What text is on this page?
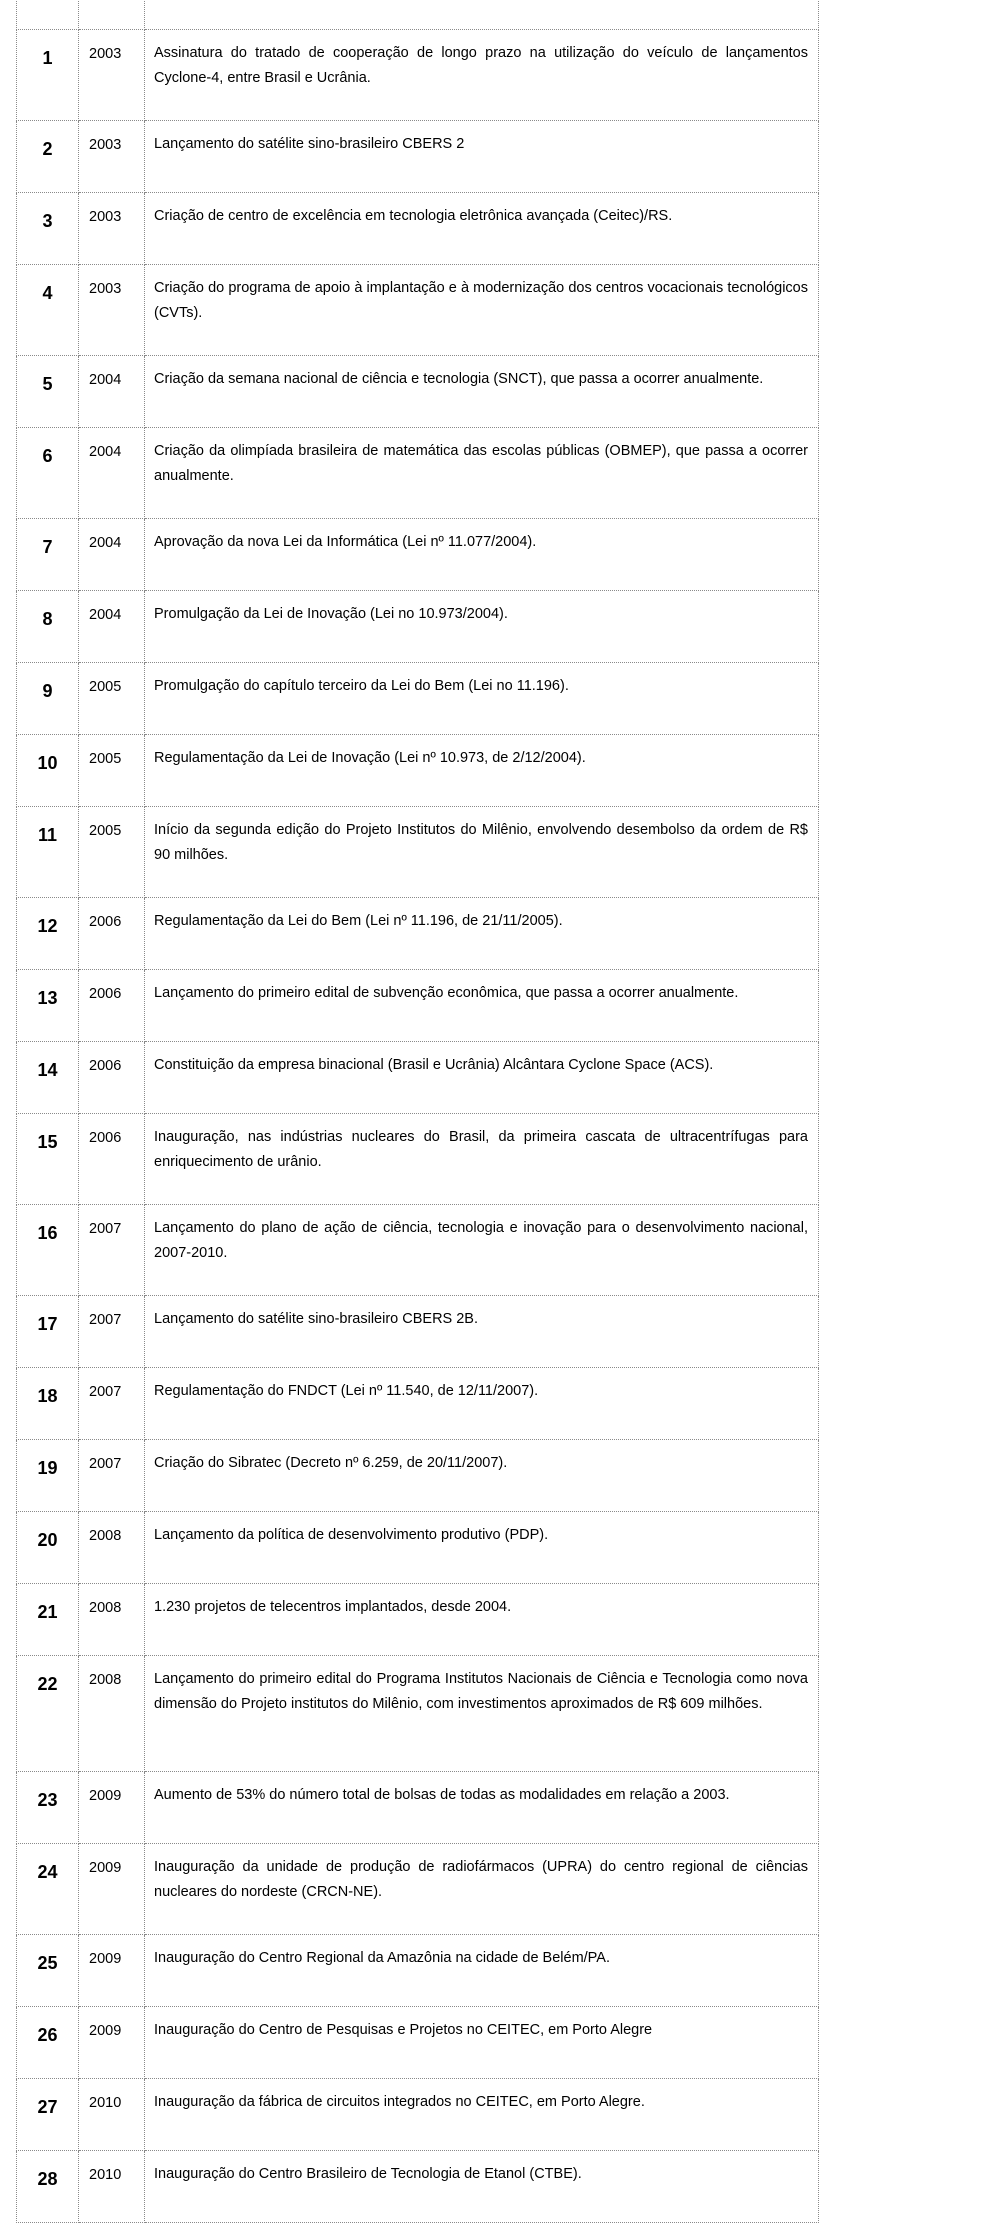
1	2003	Assinatura do tratado de cooperação de longo prazo na utilização do veículo de lançamentos Cyclone-4, entre Brasil e Ucrânia.
2	2003	Lançamento do satélite sino-brasileiro CBERS 2
3	2003	Criação de centro de excelência em tecnologia eletrônica avançada (Ceitec)/RS.
4	2003	Criação do programa de apoio à implantação e à modernização dos centros vocacionais tecnológicos (CVTs).
5	2004	Criação da semana nacional de ciência e tecnologia (SNCT), que passa a ocorrer anualmente.
6	2004	Criação da olimpíada brasileira de matemática das escolas públicas (OBMEP), que passa a ocorrer anualmente.
7	2004	Aprovação da nova Lei da Informática (Lei nº 11.077/2004).
8	2004	Promulgação da Lei de Inovação (Lei no 10.973/2004).
9	2005	Promulgação do capítulo terceiro da Lei do Bem (Lei no 11.196).
10	2005	Regulamentação da Lei de Inovação (Lei nº 10.973, de 2/12/2004).
11	2005	Início da segunda edição do Projeto Institutos do Milênio, envolvendo desembolso da ordem de R$ 90 milhões.
12	2006	Regulamentação da Lei do Bem (Lei nº 11.196, de 21/11/2005).
13	2006	Lançamento do primeiro edital de subvenção econômica, que passa a ocorrer anualmente.
14	2006	Constituição da empresa binacional (Brasil e Ucrânia) Alcântara Cyclone Space (ACS).
15	2006	Inauguração, nas indústrias nucleares do Brasil, da primeira cascata de ultracentrífugas para enriquecimento de urânio.
16	2007	Lançamento do plano de ação de ciência, tecnologia e inovação para o desenvolvimento nacional, 2007-2010.
17	2007	Lançamento do satélite sino-brasileiro CBERS 2B.
18	2007	Regulamentação do FNDCT (Lei nº 11.540, de 12/11/2007).
19	2007	Criação do Sibratec (Decreto nº 6.259, de 20/11/2007).
20	2008	Lançamento da política de desenvolvimento produtivo (PDP).
21	2008	1.230 projetos de telecentros implantados, desde 2004.
22	2008	Lançamento do primeiro edital do Programa Institutos Nacionais de Ciência e Tecnologia como nova dimensão do Projeto institutos do Milênio, com investimentos aproximados de R$ 609 milhões.
23	2009	Aumento de 53% do número total de bolsas de todas as modalidades em relação a 2003.
24	2009	Inauguração da unidade de produção de radiofármacos (UPRA) do centro regional de ciências nucleares do nordeste (CRCN-NE).
25	2009	Inauguração do Centro Regional da Amazônia na cidade de Belém/PA.
26	2009	Inauguração do Centro de Pesquisas e Projetos no CEITEC, em Porto Alegre
27	2010	Inauguração da fábrica de circuitos integrados no CEITEC, em Porto Alegre.
28	2010	Inauguração do Centro Brasileiro de Tecnologia de Etanol (CTBE).
